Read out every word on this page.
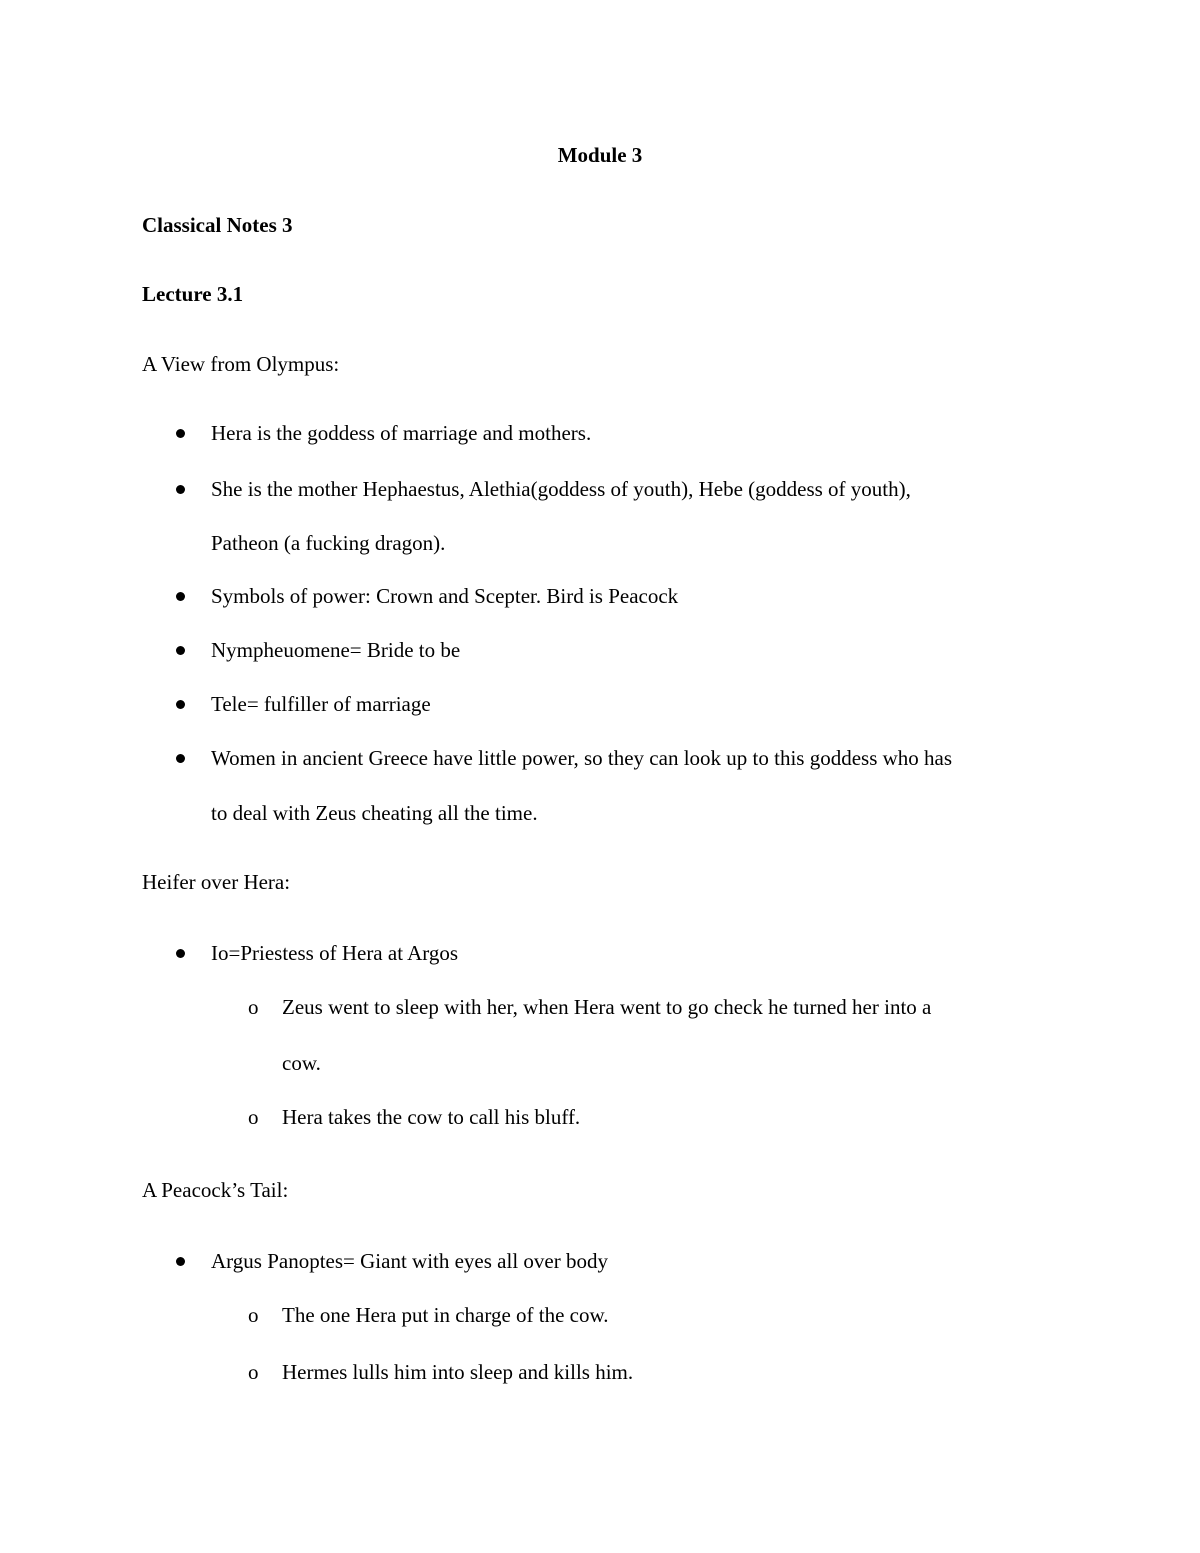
Module 3
Classical Notes 3
Lecture 3.1
A View from Olympus:
Hera is the goddess of marriage and mothers.
She is the mother Hephaestus, Alethia(goddess of youth), Hebe (goddess of youth),
Patheon (a fucking dragon).
Symbols of power: Crown and Scepter. Bird is Peacock
Nympheuomene= Bride to be
Tele= fulfiller of marriage
Women in ancient Greece have little power, so they can look up to this goddess who has
to deal with Zeus cheating all the time.
Heifer over Hera:
Io=Priestess of Hera at Argos
o Zeus went to sleep with her, when Hera went to go check he turned her into a
cow.
o Hera takes the cow to call his bluff.
A Peacock’s Tail:
Argus Panoptes= Giant with eyes all over body
o The one Hera put in charge of the cow.
o Hermes lulls him into sleep and kills him.
